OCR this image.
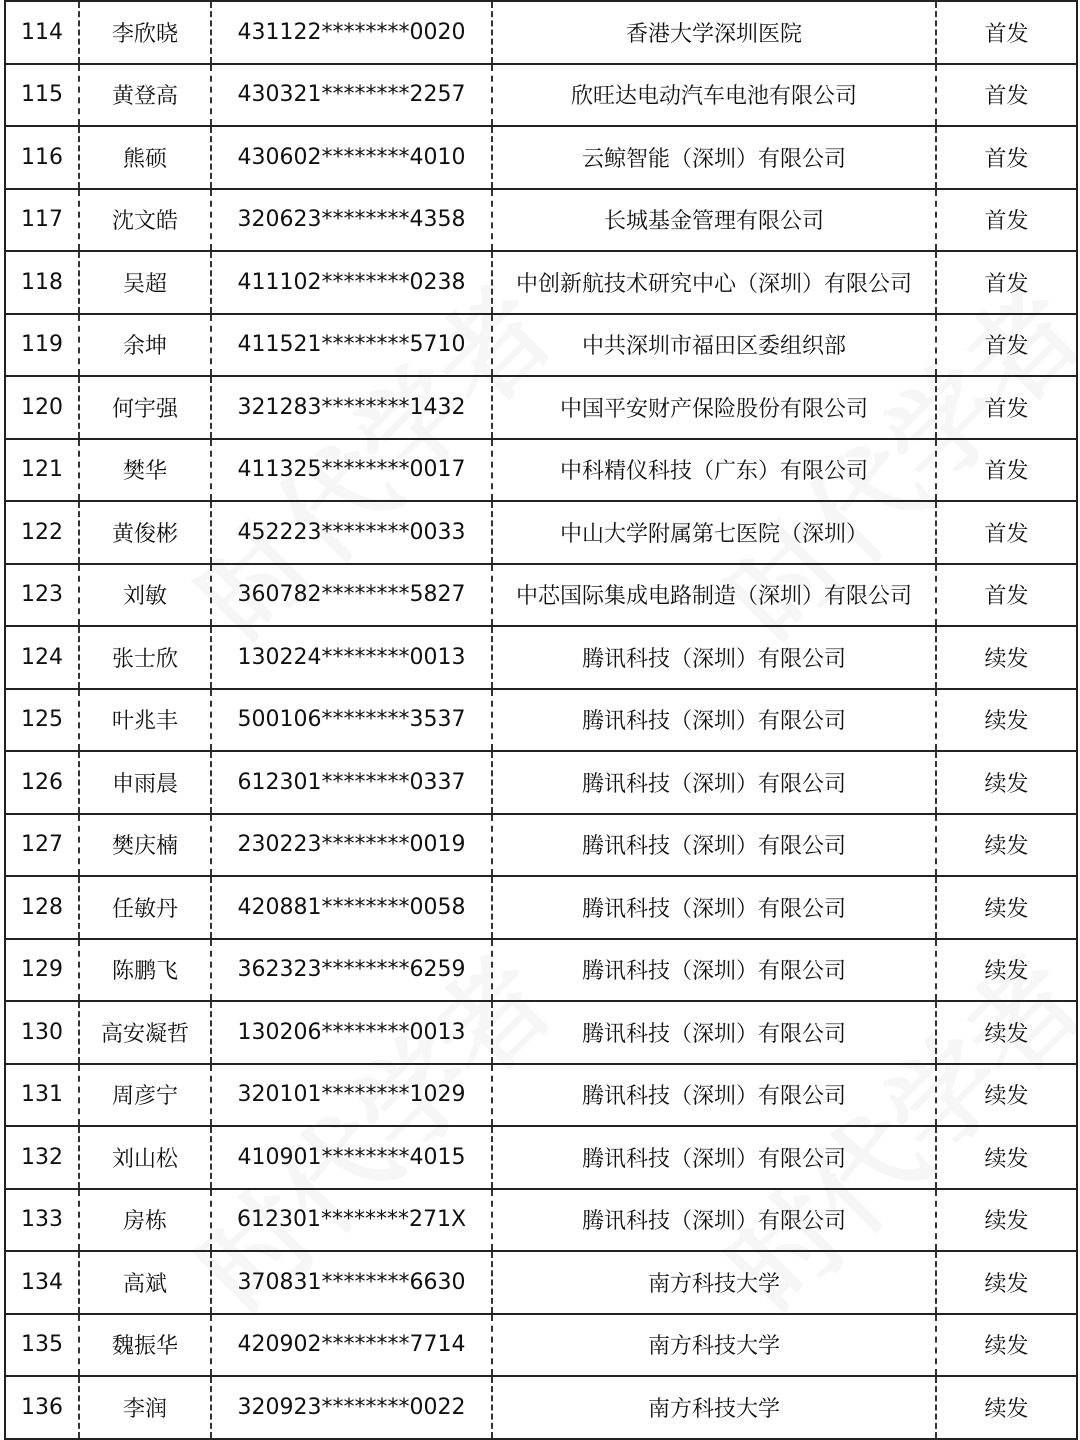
114	李欣晓	431122********0020	香港大学深圳医院	首发
115	黄登高	430321********2257	欣旺达电动汽车电池有限公司	首发
116	熊硕	430602********4010	云鲸智能（深圳）有限公司	首发
117	沈文皓	320623********4358	长城基金管理有限公司	首发
118	吴超	411102********0238	中创新航技术研究中心（深圳）有限公司	首发
119	余坤	411521********5710	中共深圳市福田区委组织部	首发
120	何宇强	321283********1432	中国平安财产保险股份有限公司	首发
121	樊华	411325********0017	中科精仪科技（广东）有限公司	首发
122	黄俊彬	452223********0033	中山大学附属第七医院（深圳）	首发
123	刘敏	360782********5827	中芯国际集成电路制造（深圳）有限公司	首发
124	张士欣	130224********0013	腾讯科技（深圳）有限公司	续发
125	叶兆丰	500106********3537	腾讯科技（深圳）有限公司	续发
126	申雨晨	612301********0337	腾讯科技（深圳）有限公司	续发
127	樊庆楠	230223********0019	腾讯科技（深圳）有限公司	续发
128	任敏丹	420881********0058	腾讯科技（深圳）有限公司	续发
129	陈鹏飞	362323********6259	腾讯科技（深圳）有限公司	续发
130	高安凝哲	130206********0013	腾讯科技（深圳）有限公司	续发
131	周彦宁	320101********1029	腾讯科技（深圳）有限公司	续发
132	刘山松	410901********4015	腾讯科技（深圳）有限公司	续发
133	房栋	612301********271X	腾讯科技（深圳）有限公司	续发
134	高斌	370831********6630	南方科技大学	续发
135	魏振华	420902********7714	南方科技大学	续发
136	李润	320923********0022	南方科技大学	续发
